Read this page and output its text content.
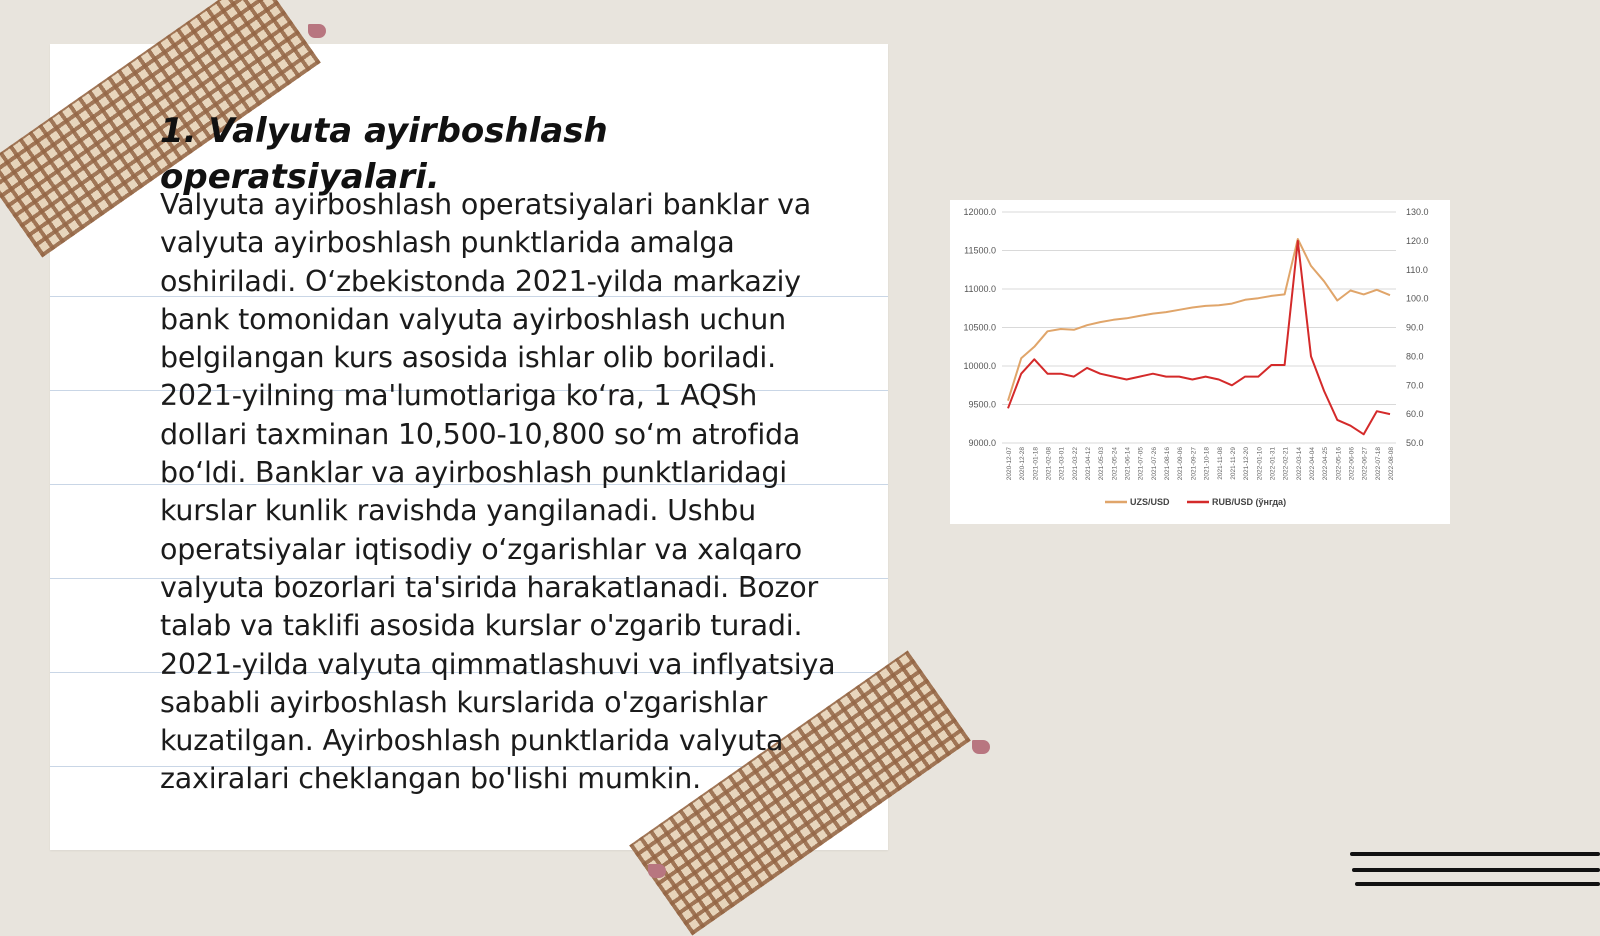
1. Valyuta ayirboshlash operatsiyalari.

Valyuta ayirboshlash operatsiyalari banklar va valyuta ayirboshlash punktlarida amalga oshiriladi. O‘zbekistonda 2021-yilda markaziy bank tomonidan valyuta ayirboshlash uchun belgilangan kurs asosida ishlar olib boriladi. 2021-yilning ma'lumotlariga ko‘ra, 1 AQSh dollari taxminan 10,500-10,800 so‘m atrofida bo‘ldi. Banklar va ayirboshlash punktlaridagi kurslar kunlik ravishda yangilanadi. Ushbu operatsiyalar iqtisodiy o‘zgarishlar va xalqaro valyuta bozorlari ta'sirida harakatlanadi. Bozor talab va taklifi asosida kurslar o'zgarib turadi. 2021-yilda valyuta qimmatlashuvi va inflyatsiya sababli ayirboshlash kurslarida o'zgarishlar kuzatilgan. Ayirboshlash punktlarida valyuta zaxiralari cheklangan bo'lishi mumkin.

12000.0
11500.0
11000.0
10500.0
10000.0
9500.0
9000.0
130.0
120.0
110.0
100.0
90.0
80.0
70.0
60.0
50.0
2020-12-07 2020-12-28 2021-01-18 2021-02-08 2021-03-01 2021-03-22 2021-04-12 2021-05-03 2021-05-24 2021-06-14 2021-07-05 2021-07-26 2021-08-16 2021-09-06 2021-09-27 2021-10-18 2021-11-08 2021-11-29 2021-12-20 2022-01-10 2022-01-31 2022-02-21 2022-03-14 2022-04-04 2022-04-25 2022-05-16 2022-06-06 2022-06-27 2022-07-18 2022-08-08
UZS/USD	RUB/USD (ўнгда)
